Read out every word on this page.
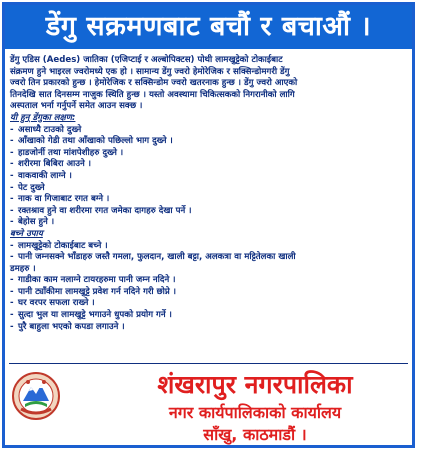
डेंगु सक्रमणबाट बचौं र बचाऔं ।
डेंगु एडिस (Aedes) जातिका (एजिप्टाई र अल्बोपिक्टस) पोथी लामखुट्टेको टोकाईबाट
संक्रमण हुने भाइरल ज्वरोमध्ये एक हो । सामान्य डेंगु ज्वरो हेमोरेजिक र सक्सिन्डोमगरी डेंगु
ज्वरो तिन प्रकारको हुन्छ । हेमोरेजिक र सक्सिन्डोम ज्वरो खतरनाक हुन्छ । डेंगु ज्वरो आएको
तिनदेखि सात दिनसम्म नाजुक स्थिति हुन्छ । यस्तो अवस्थामा चिकित्सकको निगरानीको लागि
अस्पताल भर्ना गर्नुपर्ने समेत आउन सक्छ ।
यी हुन् डेंगुका लक्षण:
- असाध्यै टाउको दुख्ने
- आँखाको गेडी तथा आँखाको पछिल्लो भाग दुख्ने ।
- हाडजोर्नी तथा मांशपेशीहरु दुख्ने ।
- शरीरमा बिबिरा आउने ।
- वाकवाकी लाग्ने ।
- पेट दुख्ने
- नाक वा गिजाबाट रगत बग्ने ।
- रक्तश्राव हुने वा शरीरमा रगत जमेका दागहरु देखा पर्ने ।
- बेहोस हुने ।
बच्ने उपाय
- लामखुट्टेको टोकाईबाट बच्ने ।
- पानी जम्नसक्ने भाँडाहरु जस्तै गमला, फुलदान, खाली बट्टा, अलकत्रा वा मट्टितेलका खाली
डमहरु ।
- गाडीका काम नलाग्ने टायरहरुमा पानी जम्न नदिने ।
- पानी ट्याँकीमा लामखुट्टे प्रवेश गर्न नदिने गरी छोप्ने ।
- घर वरपर सफला राख्ने ।
- सुत्दा भुल या लामखुट्टे भगाउने धुपको प्रयोग गर्ने ।
- पुरै बाहुला भएको कपडा लगाउने ।
शंखरापुर नगरपालिका
नगर कार्यपालिकाको कार्यालय
साँखु, काठमाडौं ।
